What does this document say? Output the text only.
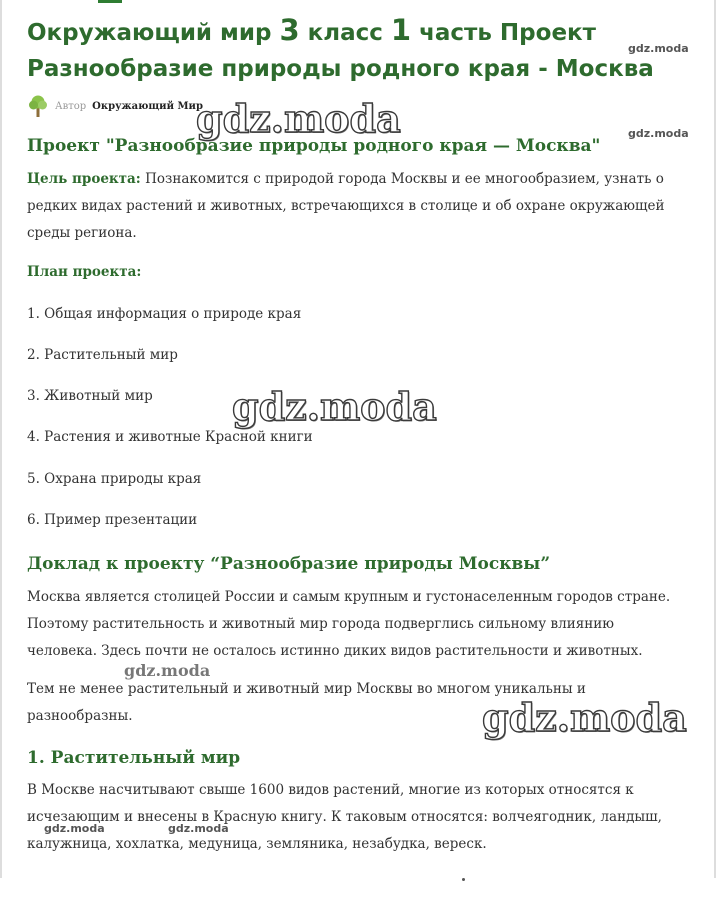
Окружающий мир 3 класс 1 часть Проект
Разнообразие природы родного края - Москва
Автор Окружающий Мир
Проект "Разнообразие природы родного края — Москва"

Цель проекта: Познакомится с природой города Москвы и ее многообразием, узнать о редких видах растений и животных, встречающихся в столице и об охране окружающей среды региона.

План проекта:

1. Общая информация о природе края

2. Растительный мир

3. Животный мир

4. Растения и животные Красной книги

5. Охрана природы края

6. Пример презентации

Доклад к проекту “Разнообразие природы Москвы”

Москва является столицей России и самым крупным и густонаселенным городов стране. Поэтому растительность и животный мир города подверглись сильному влиянию человека. Здесь почти не осталось истинно диких видов растительности и животных.

Тем не менее растительный и животный мир Москвы во многом уникальны и разнообразны.

1. Растительный мир

В Москве насчитывают свыше 1600 видов растений, многие из которых относятся к исчезающим и внесены в Красную книгу. К таковым относятся: волчеягодник, ландыш, калужница, хохлатка, медуница, земляника, незабудка, вереск.

gdz.moda
gdz.moda	gdz.moda
gdz.moda
gdz.moda
gdz.moda
gdz.moda	gdz.moda
